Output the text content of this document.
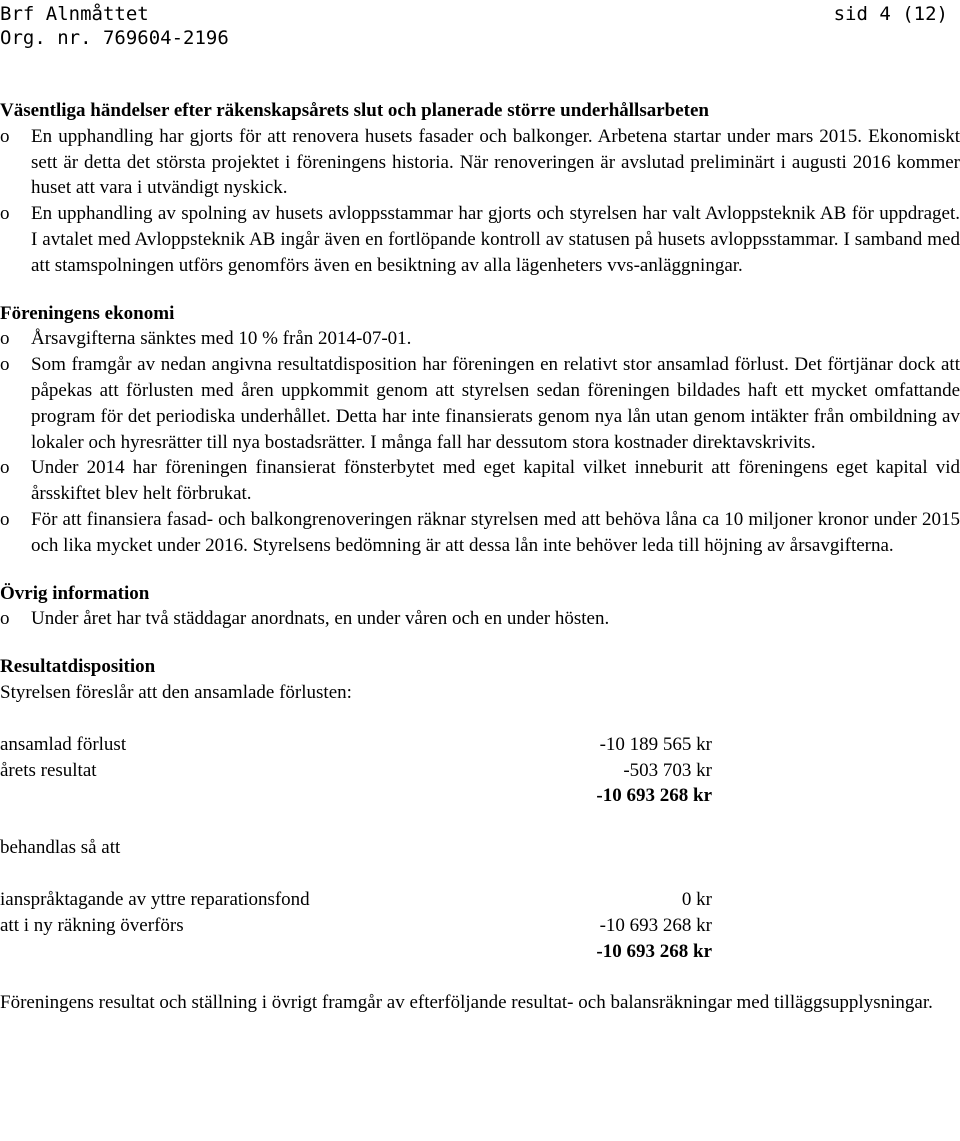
Brf Alnmåttet	sid 4 (12)
Org. nr. 769604-2196

Väsentliga händelser efter räkenskapsårets slut och planerade större underhållsarbeten

o En upphandling har gjorts för att renovera husets fasader och balkonger. Arbetena startar under mars 2015. Ekonomiskt sett är detta det största projektet i föreningens historia. När renoveringen är avslutad preliminärt i augusti 2016 kommer huset att vara i utvändigt nyskick.

o En upphandling av spolning av husets avloppsstammar har gjorts och styrelsen har valt Avloppsteknik AB för uppdraget. I avtalet med Avloppsteknik AB ingår även en fortlöpande kontroll av statusen på husets avloppsstammar. I samband med att stamspolningen utförs genomförs även en besiktning av alla lägenheters vvs-anläggningar.

Föreningens ekonomi

o Årsavgifterna sänktes med 10 % från 2014-07-01.

o Som framgår av nedan angivna resultatdisposition har föreningen en relativt stor ansamlad förlust. Det förtjänar dock att påpekas att förlusten med åren uppkommit genom att styrelsen sedan föreningen bildades haft ett mycket omfattande program för det periodiska underhållet. Detta har inte finansierats genom nya lån utan genom intäkter från ombildning av lokaler och hyresrätter till nya bostadsrätter. I många fall har dessutom stora kostnader direktavskrivits.

o Under 2014 har föreningen finansierat fönsterbytet med eget kapital vilket inneburit att föreningens eget kapital vid årsskiftet blev helt förbrukat.

o För att finansiera fasad- och balkongrenoveringen räknar styrelsen med att behöva låna ca 10 miljoner kronor under 2015 och lika mycket under 2016. Styrelsens bedömning är att dessa lån inte behöver leda till höjning av årsavgifterna.

Övrig information

o Under året har två städdagar anordnats, en under våren och en under hösten.

Resultatdisposition

Styrelsen föreslår att den ansamlade förlusten:

ansamlad förlust	-10 189 565 kr
årets resultat	-503 703 kr
-10 693 268 kr

behandlas så att

ianspråktagande av yttre reparationsfond	0 kr
att i ny räkning överförs	-10 693 268 kr
-10 693 268 kr

Föreningens resultat och ställning i övrigt framgår av efterföljande resultat- och balansräkningar med tilläggsupplysningar.
